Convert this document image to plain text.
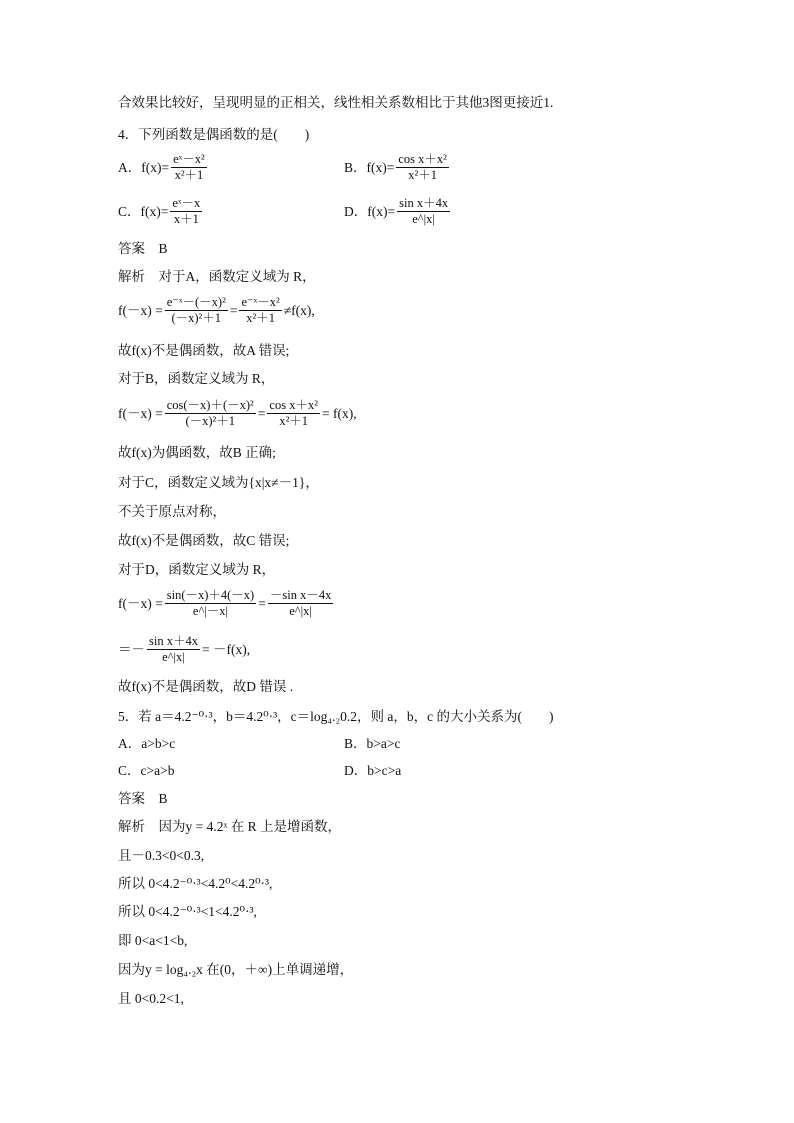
合效果比较好，呈现明显的正相关，线性相关系数相比于其他3图更接近1.
4．下列函数是偶函数的是(　　)
A．$f(x)= \frac{\text{eˣ－x²}}{\text{x²＋1}}$	B．$f(x)= \frac{\text{cos x＋x²}}{\text{x²＋1}}$
C．$f(x)= \frac{\text{eˣ－x}}{x+1}$	D．$f(x)= \frac{\text{sin x＋4x}}{e\^{}|x|}$
答案　B
解析　对于A，函数定义域为 R，
$f(-x) = \frac{\text{e⁻ˣ－(－x)²}}{\text{(－x)²＋1}} = \frac{\text{e⁻ˣ－x²}}{\text{x²＋1}} \ne f(x)$,
故f(x)不是偶函数，故A 错误;
对于B，函数定义域为 R，
$f(-x) = \frac{\text{cos(－x)＋(－x)²}}{\text{(－x)²＋1}} = \frac{\text{cos x＋x²}}{\text{x²＋1}} = f(x)$,
故f(x)为偶函数，故B 正确;
对于C，函数定义域为{x|x≠－1}，
不关于原点对称，
故f(x)不是偶函数，故C 错误;
对于D，函数定义域为 R，
$f(-x) = \frac{\sin(-x)+4(-x)}{e\^{}|-x|} = \frac{\text{－sin x－4x}}{e\^{}|x|}$
＝－ $\frac{\text{sin x＋4x}}{e\^{}|x|} = -f(x)$,
故f(x)不是偶函数，故D 错误 .
5．若 a＝4.2⁻⁰·³，b＝4.2⁰·³，c＝log₄.₂0.2，则 a，b，c 的大小关系为(　　)
A．a>b>c	B．b>a>c
C．c>a>b	D．b>c>a
答案　B
解析　因为y = 4.2ˣ 在 R 上是增函数，
且－0.3<0<0.3,
所以 0<4.2⁻⁰·³<4.2⁰<4.2⁰·³,
所以 0<4.2⁻⁰·³<1<4.2⁰·³,
即 0<a<1<b,
因为y = log₄.₂x 在(0，＋∞)上单调递增，
且 0<0.2<1,
